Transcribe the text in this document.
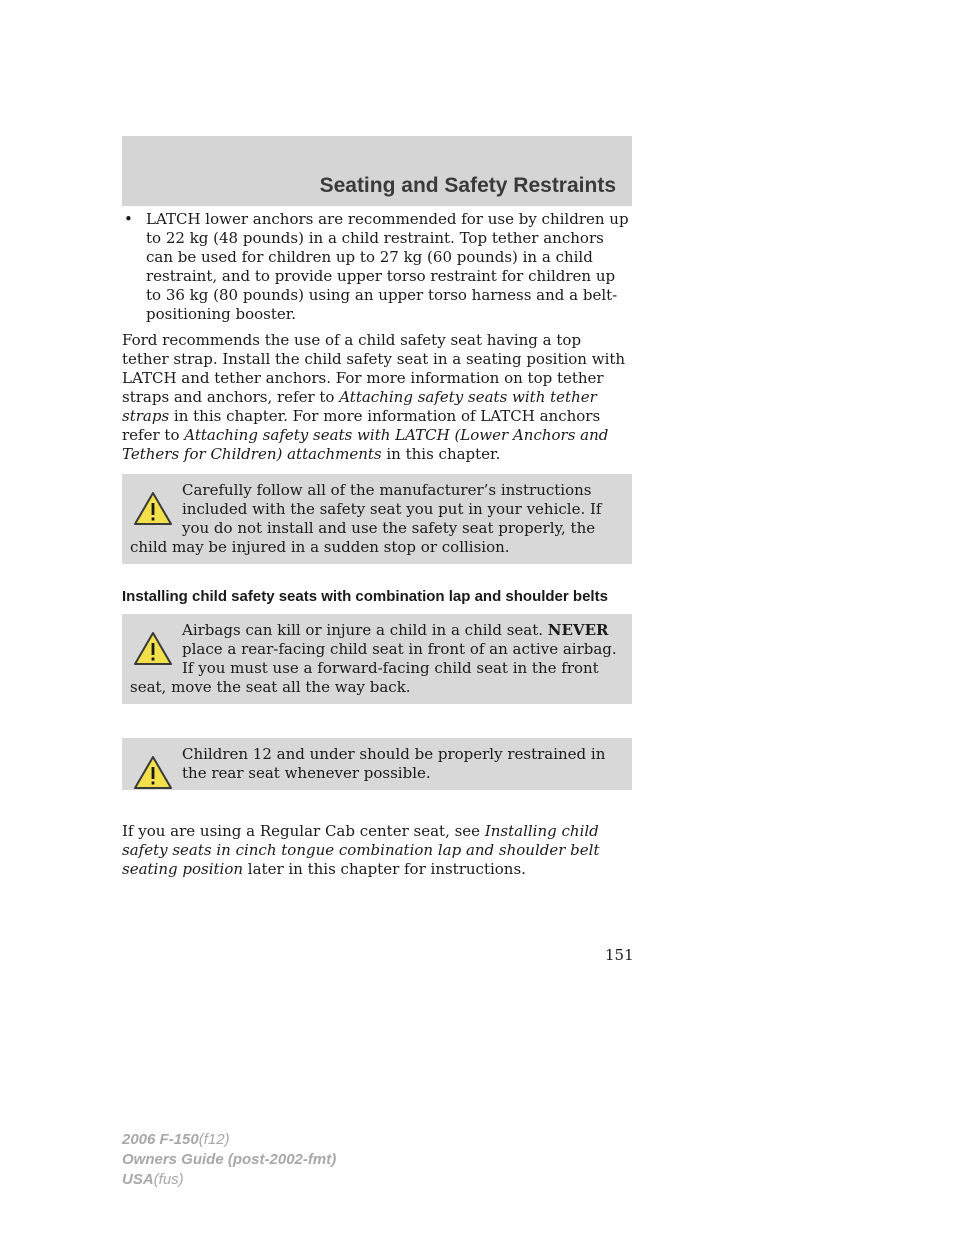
Seating and Safety Restraints
• LATCH lower anchors are recommended for use by children up to 22 kg (48 pounds) in a child restraint. Top tether anchors can be used for children up to 27 kg (60 pounds) in a child restraint, and to provide upper torso restraint for children up to 36 kg (80 pounds) using an upper torso harness and a belt-positioning booster.

Ford recommends the use of a child safety seat having a top tether strap. Install the child safety seat in a seating position with LATCH and tether anchors. For more information on top tether straps and anchors, refer to Attaching safety seats with tether straps in this chapter. For more information of LATCH anchors refer to Attaching safety seats with LATCH (Lower Anchors and Tethers for Children) attachments in this chapter.

Carefully follow all of the manufacturer’s instructions included with the safety seat you put in your vehicle. If you do not install and use the safety seat properly, the child may be injured in a sudden stop or collision.

Installing child safety seats with combination lap and shoulder belts

Airbags can kill or injure a child in a child seat. NEVER place a rear-facing child seat in front of an active airbag. If you must use a forward-facing child seat in the front seat, move the seat all the way back.

Children 12 and under should be properly restrained in the rear seat whenever possible.

If you are using a Regular Cab center seat, see Installing child safety seats in cinch tongue combination lap and shoulder belt seating position later in this chapter for instructions.

151
2006 F-150(f12)
Owners Guide (post-2002-fmt)
USA(fus)
